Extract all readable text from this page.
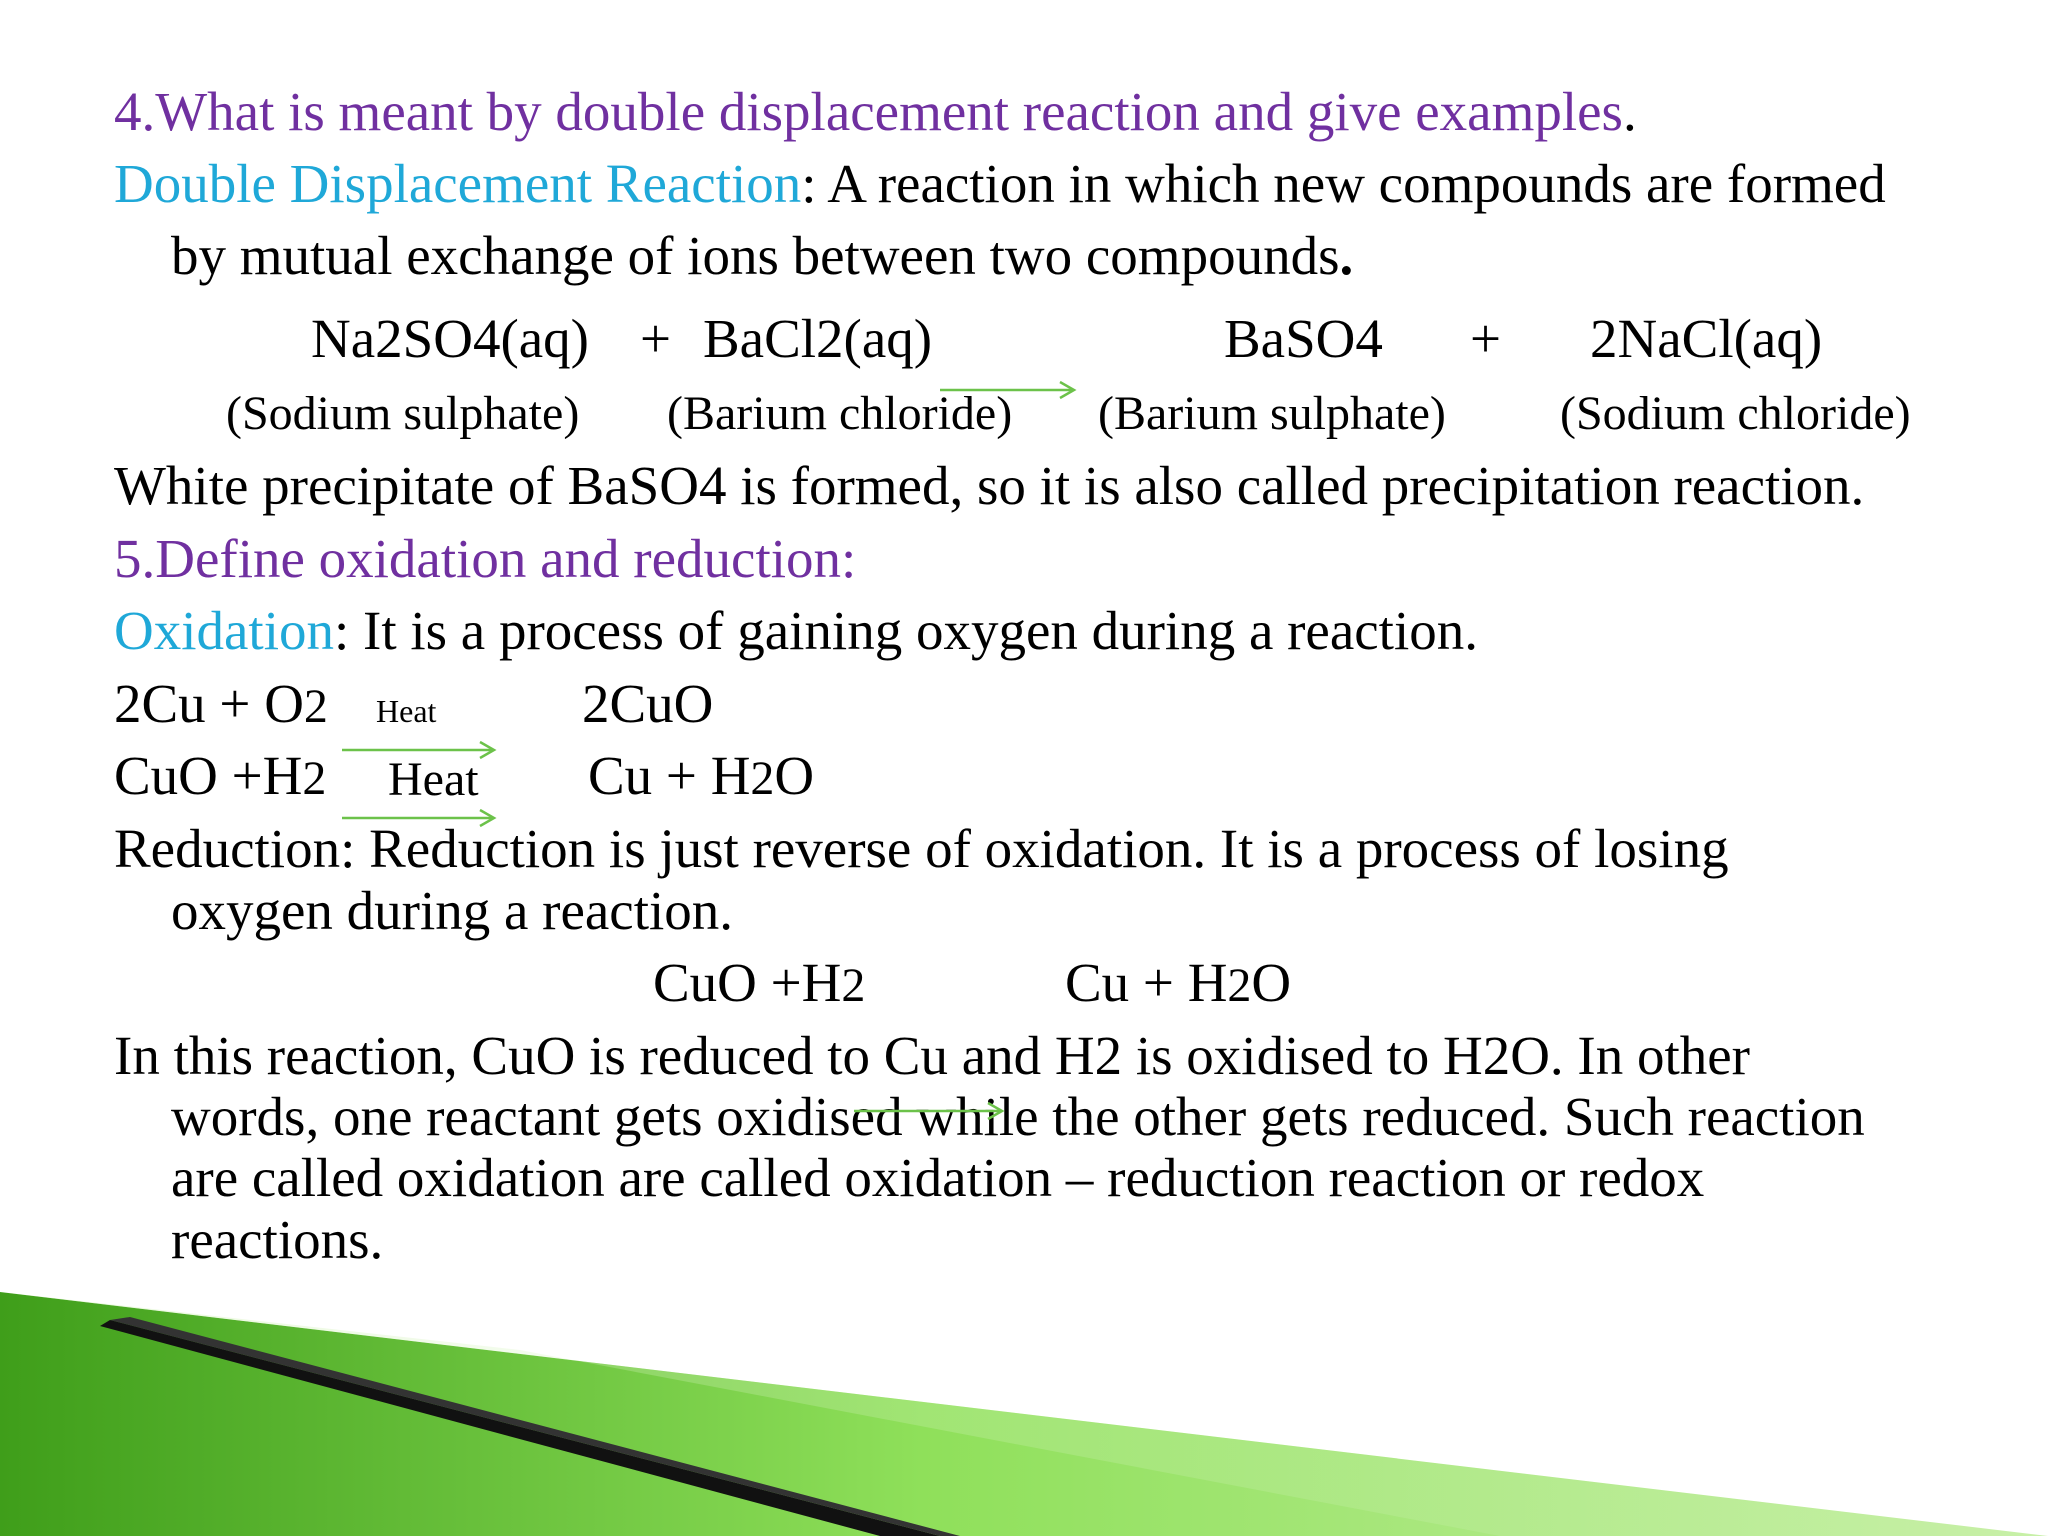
4.What is meant by double displacement reaction and give examples.
Double Displacement Reaction: A reaction in which new compounds are formed
by mutual exchange of ions between two compounds.
Na2SO4(aq) + BaCl2(aq)	BaSO4 + 2NaCl(aq)
(Sodium sulphate) (Barium chloride) (Barium sulphate) (Sodium chloride)
White precipitate of BaSO4 is formed, so it is also called precipitation reaction.
5.Define oxidation and reduction:
Oxidation: It is a process of gaining oxygen during a reaction.
2Cu + O2 Heat	2CuO
CuO +H2 Heat Cu + H2O
Reduction: Reduction is just reverse of oxidation. It is a process of losing
oxygen during a reaction.
CuO +H2	Cu + H2O
In this reaction, CuO is reduced to Cu and H2 is oxidised to H2O. In other
words, one reactant gets oxidised while the other gets reduced. Such reaction
are called oxidation are called oxidation – reduction reaction or redox
reactions.
